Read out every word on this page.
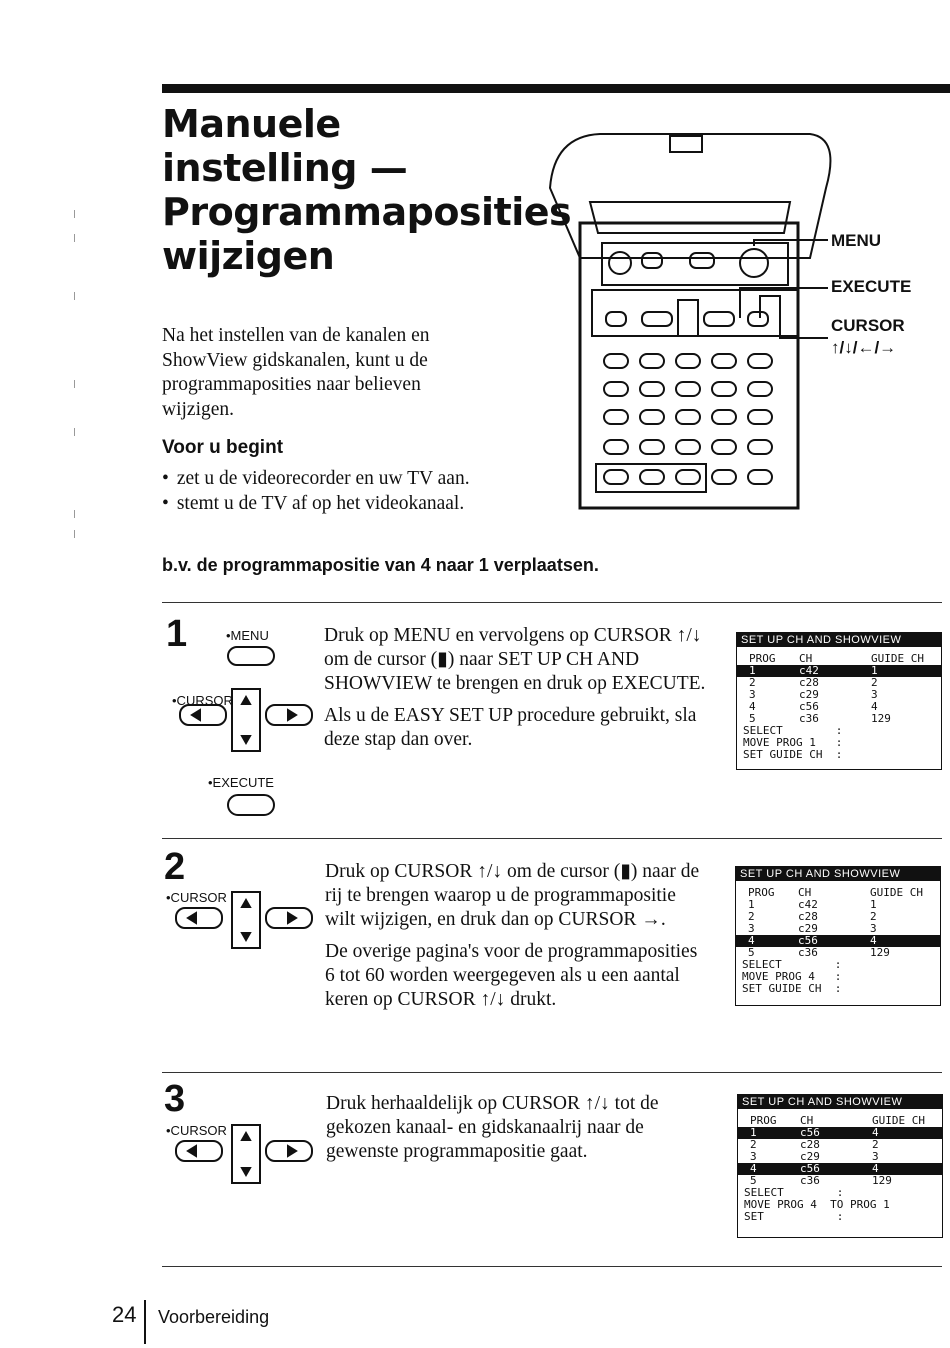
Manuele
instelling —
Programmaposities
wijzigen
Na het instellen van de kanalen en
ShowView gidskanalen, kunt u de
programmaposities naar believen
wijzigen.
Voor u begint
• zet u de videorecorder en uw TV aan.
• stemt u de TV af op het videokanaal.
MENU
EXECUTE
CURSOR
↑/↓/←/→
b.v. de programmapositie van 4 naar 1 verplaatsen.
1	•MENU
•CURSOR
•EXECUTE

Druk op MENU en vervolgens op CURSOR ↑/↓ om de cursor (▮) naar SET UP CH AND SHOWVIEW te brengen en druk op EXECUTE.

Als u de EASY SET UP procedure gebruikt, sla deze stap dan over.

SET UP CH AND SHOWVIEW
PROG CH	GUIDE CH
1	c42	1
2	c28	2
3	c29	3
4	c56	4
5	c36	129
SELECT        :
MOVE PROG 1   :
SET GUIDE CH  :
2
•CURSOR

Druk op CURSOR ↑/↓ om de cursor (▮) naar de rij te brengen waarop u de programmapositie wilt wijzigen, en druk dan op CURSOR →.

De overige pagina's voor de programmaposities 6 tot 60 worden weergegeven als u een aantal keren op CURSOR ↑/↓ drukt.

SET UP CH AND SHOWVIEW
PROG CH	GUIDE CH
1	c42	1
2	c28	2
3	c29	3
4	c56	4
5	c36	129
SELECT        :
MOVE PROG 4   :
SET GUIDE CH  :
3
•CURSOR

Druk herhaaldelijk op CURSOR ↑/↓ tot de gekozen kanaal- en gidskanaalrij naar de gewenste programmapositie gaat.

SET UP CH AND SHOWVIEW
PROG CH	GUIDE CH
1	c56	4
2	c28	2
3	c29	3
4	c56	4
5	c36	129
SELECT        :
MOVE PROG 4  TO PROG 1
SET           :
24 Voorbereiding
